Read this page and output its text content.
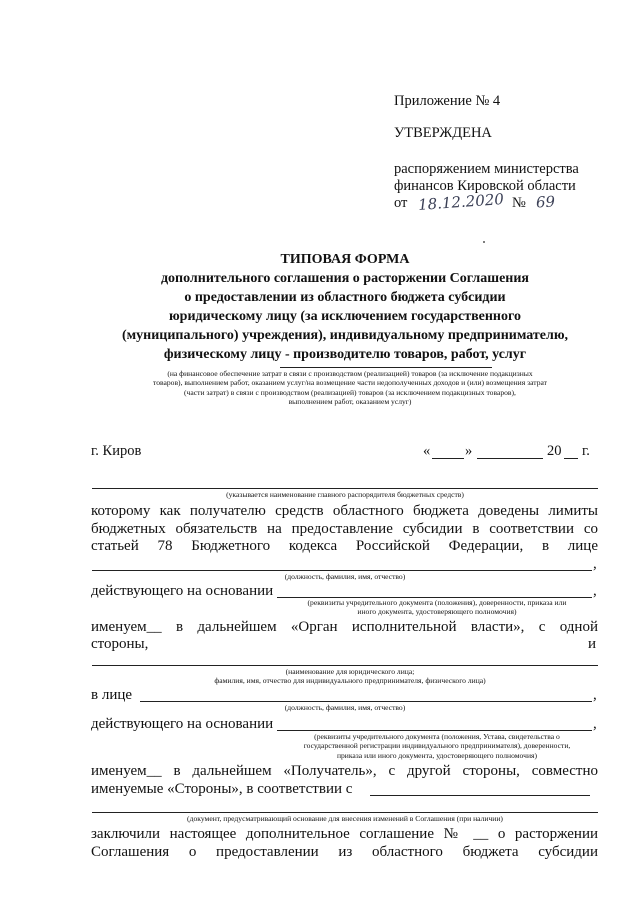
Приложение № 4
УТВЕРЖДЕНА
распоряжением министерства
финансов Кировской области
от 18.12.2020 № 69
ТИПОВАЯ ФОРМА
дополнительного соглашения о расторжении Соглашения
о предоставлении из областного бюджета субсидии
юридическому лицу (за исключением государственного
(муниципального) учреждения), индивидуальному предпринимателю,
физическому лицу - производителю товаров, работ, услуг
(на финансовое обеспечение затрат в связи с производством (реализацией) товаров (за исключение подакцизных
товаров), выполнением работ, оказанием услуг/на возмещение части недополученных доходов и (или) возмещения затрат
(части затрат) в связи с производством (реализацией) товаров (за исключением подакцизных товаров),
выполнением работ, оказанием услуг)
г. Киров	« »	20 г.
(указывается наименование главного распорядителя бюджетных средств)
которому как получателю средств областного бюджета доведены лимиты
бюджетных обязательств на предоставление субсидии в соответствии со
статьей 78 Бюджетного кодекса Российской Федерации, в лице
,
(должность, фамилия, имя, отчество)
действующего на основании	,
(реквизиты учредительного документа (положения), доверенности, приказа или
иного документа, удостоверяющего полномочия)
именуем__ в дальнейшем «Орган исполнительной власти», с одной
стороны,	и
(наименование для юридического лица;
фамилия, имя, отчество для индивидуального предпринимателя, физического лица)
в лице	,
(должность, фамилия, имя, отчество)
действующего на основании	,
(реквизиты учредительного документа (положения, Устава, свидетельства о
государственной регистрации индивидуального предпринимателя), доверенности,
приказа или иного документа, удостоверяющего полномочия)
именуем__ в дальнейшем «Получатель», с другой стороны, совместно
именуемые «Стороны», в соответствии с
(документ, предусматривающий основание для внесения изменений в Соглашения (при наличии)
заключили настоящее дополнительное соглашение № __ о расторжении
Соглашения о предоставлении из областного бюджета субсидии
